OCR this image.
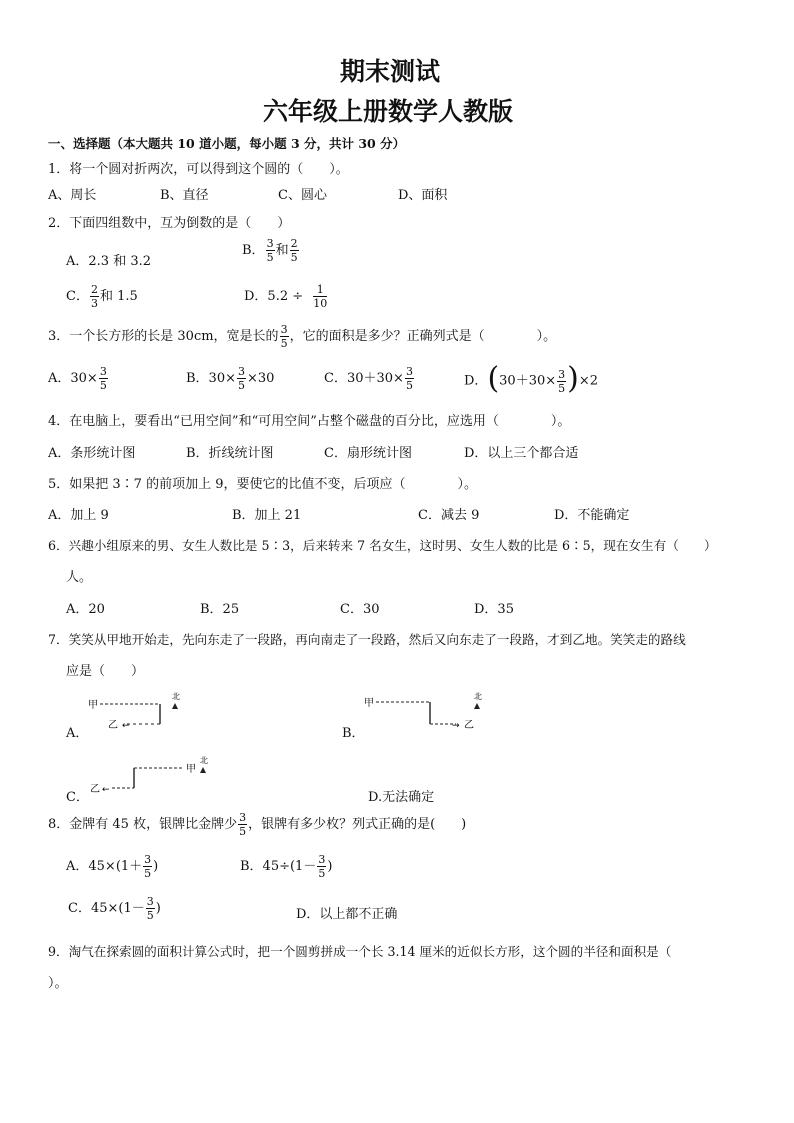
期末测试
六年级上册数学人教版
一、选择题（本大题共 10 道小题，每小题 3 分，共计 30 分）
1．将一个圆对折两次，可以得到这个圆的（　　）。
A、周长	B、直径	C、圆心	D、面积
2．下面四组数中，互为倒数的是（　　）
A．2.3 和 3.2
B． $\frac{3}{5}$ 和 $\frac{2}{5}$
C． $\frac{2}{3}$ 和 1.5	D．$5.2 \div \frac{1}{10}$
3．一个长方形的长是 30cm，宽是长的 $\frac{3}{5}$ ，它的面积是多少？正确列式是（　　　　）。
A．$30\times \frac{3}{5}$	B．$30\times \frac{3}{5} \times 30$	C．$30+30\times \frac{3}{5}$	D．$(30+30\times \frac{3}{5} )\times 2$
4．在电脑上，要看出“已用空间”和“可用空间”占整个磁盘的百分比，应选用（　　　　）。
A．条形统计图	B．折线统计图	C．扇形统计图	D．以上三个都合适
5．如果把 3∶7 的前项加上 9，要使它的比值不变，后项应（　　　　）。
A．加上 9	B．加上 21	C．减去 9	D．不能确定
6．兴趣小组原来的男、女生人数比是 5∶3，后来转来 7 名女生，这时男、女生人数的比是 6∶5，现在女生有（　　）
人。
A．20	B．25	C．30	D．35
7．笑笑从甲地开始走，先向东走了一段路，再向南走了一段路，然后又向东走了一段路，才到乙地。笑笑走的路线
应是（　　）
A．
甲
乙 ←
北
B．
甲
→ 乙
北
C．
乙 ←
甲
北
D.无法确定
8．金牌有 45 枚，银牌比金牌少 $\frac{3}{5}$ ，银牌有多少枚？列式正确的是(　　)
A．$45\times(1+ \frac{3}{5}$ )	B．$45\div(1- \frac{3}{5}$ )
C．$45\times(1- \frac{3}{5}$ )	D．以上都不正确
9．淘气在探索圆的面积计算公式时，把一个圆剪拼成一个长 3.14 厘米的近似长方形，这个圆的半径和面积是（
）。
